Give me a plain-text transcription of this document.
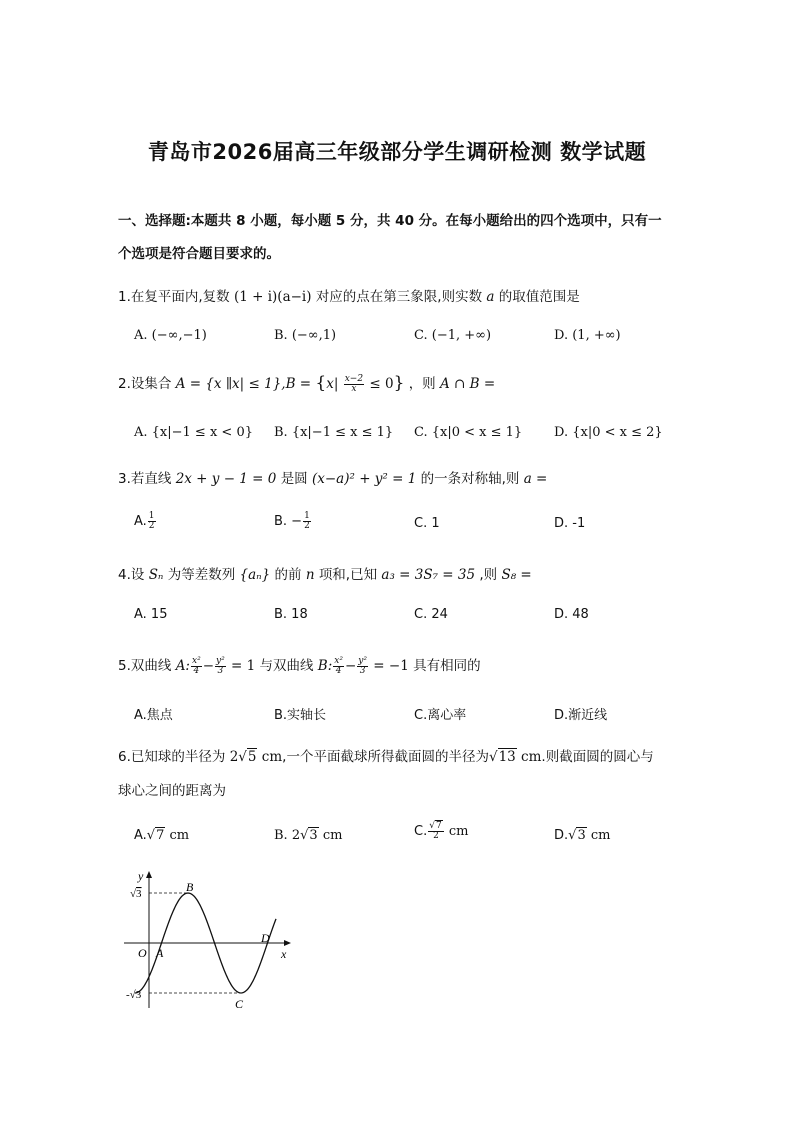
青岛市2026届高三年级部分学生调研检测 数学试题
一、选择题:本题共 8 小题，每小题 5 分，共 40 分。在每小题给出的四个选项中，只有一
个选项是符合题目要求的。
1.在复平面内,复数 (1 + i)(a−i) 对应的点在第三象限,则实数 a 的取值范围是
A. (−∞,−1)	B. (−∞,1)	C. (−1, +∞)	D. (1, +∞)
2.设集合 A = {x ∥x| ≤ $1\},B = \{x| \frac{x-2}{x} \le 0\}$ ，则 A ∩ B =
A. {x|−1 ≤ x < 0} B. {x|−1 ≤ x ≤ 1} C. {x|0 < x ≤ 1} D. {x|0 < x ≤ 2}
3.若直线 2x + y − 1 = 0 是圆 (x−a)² + y² = 1 的一条对称轴,则 a =
A. $\frac{1}{2}$	B. − $\frac{1}{2}$	C. 1	D. -1
4.设 Sₙ 为等差数列 {aₙ} 的前 n 项和,已知 a₃ = 3S₇ = 35 ,则 S₈ =
A. 15	B. 18	C. 24	D. 48
5.双曲线 A: $\frac{\text{x²}}{4} - \frac{\text{y²}}{3} = 1$ 与双曲线 B: $\frac{\text{x²}}{4} - \frac{\text{y²}}{3} = -1$ 具有相同的
A.焦点	B.实轴长	C.离心率	D.渐近线
6.已知球的半径为 2√5 cm,一个平面截球所得截面圆的半径为√13 cm.则截面圆的圆心与
球心之间的距离为
A.√7 cm	B. 2√3 cm	C. $\frac{√7}{2}$ cm	D.√3 cm
y
x
O A
B
C
D
√3
-√3
